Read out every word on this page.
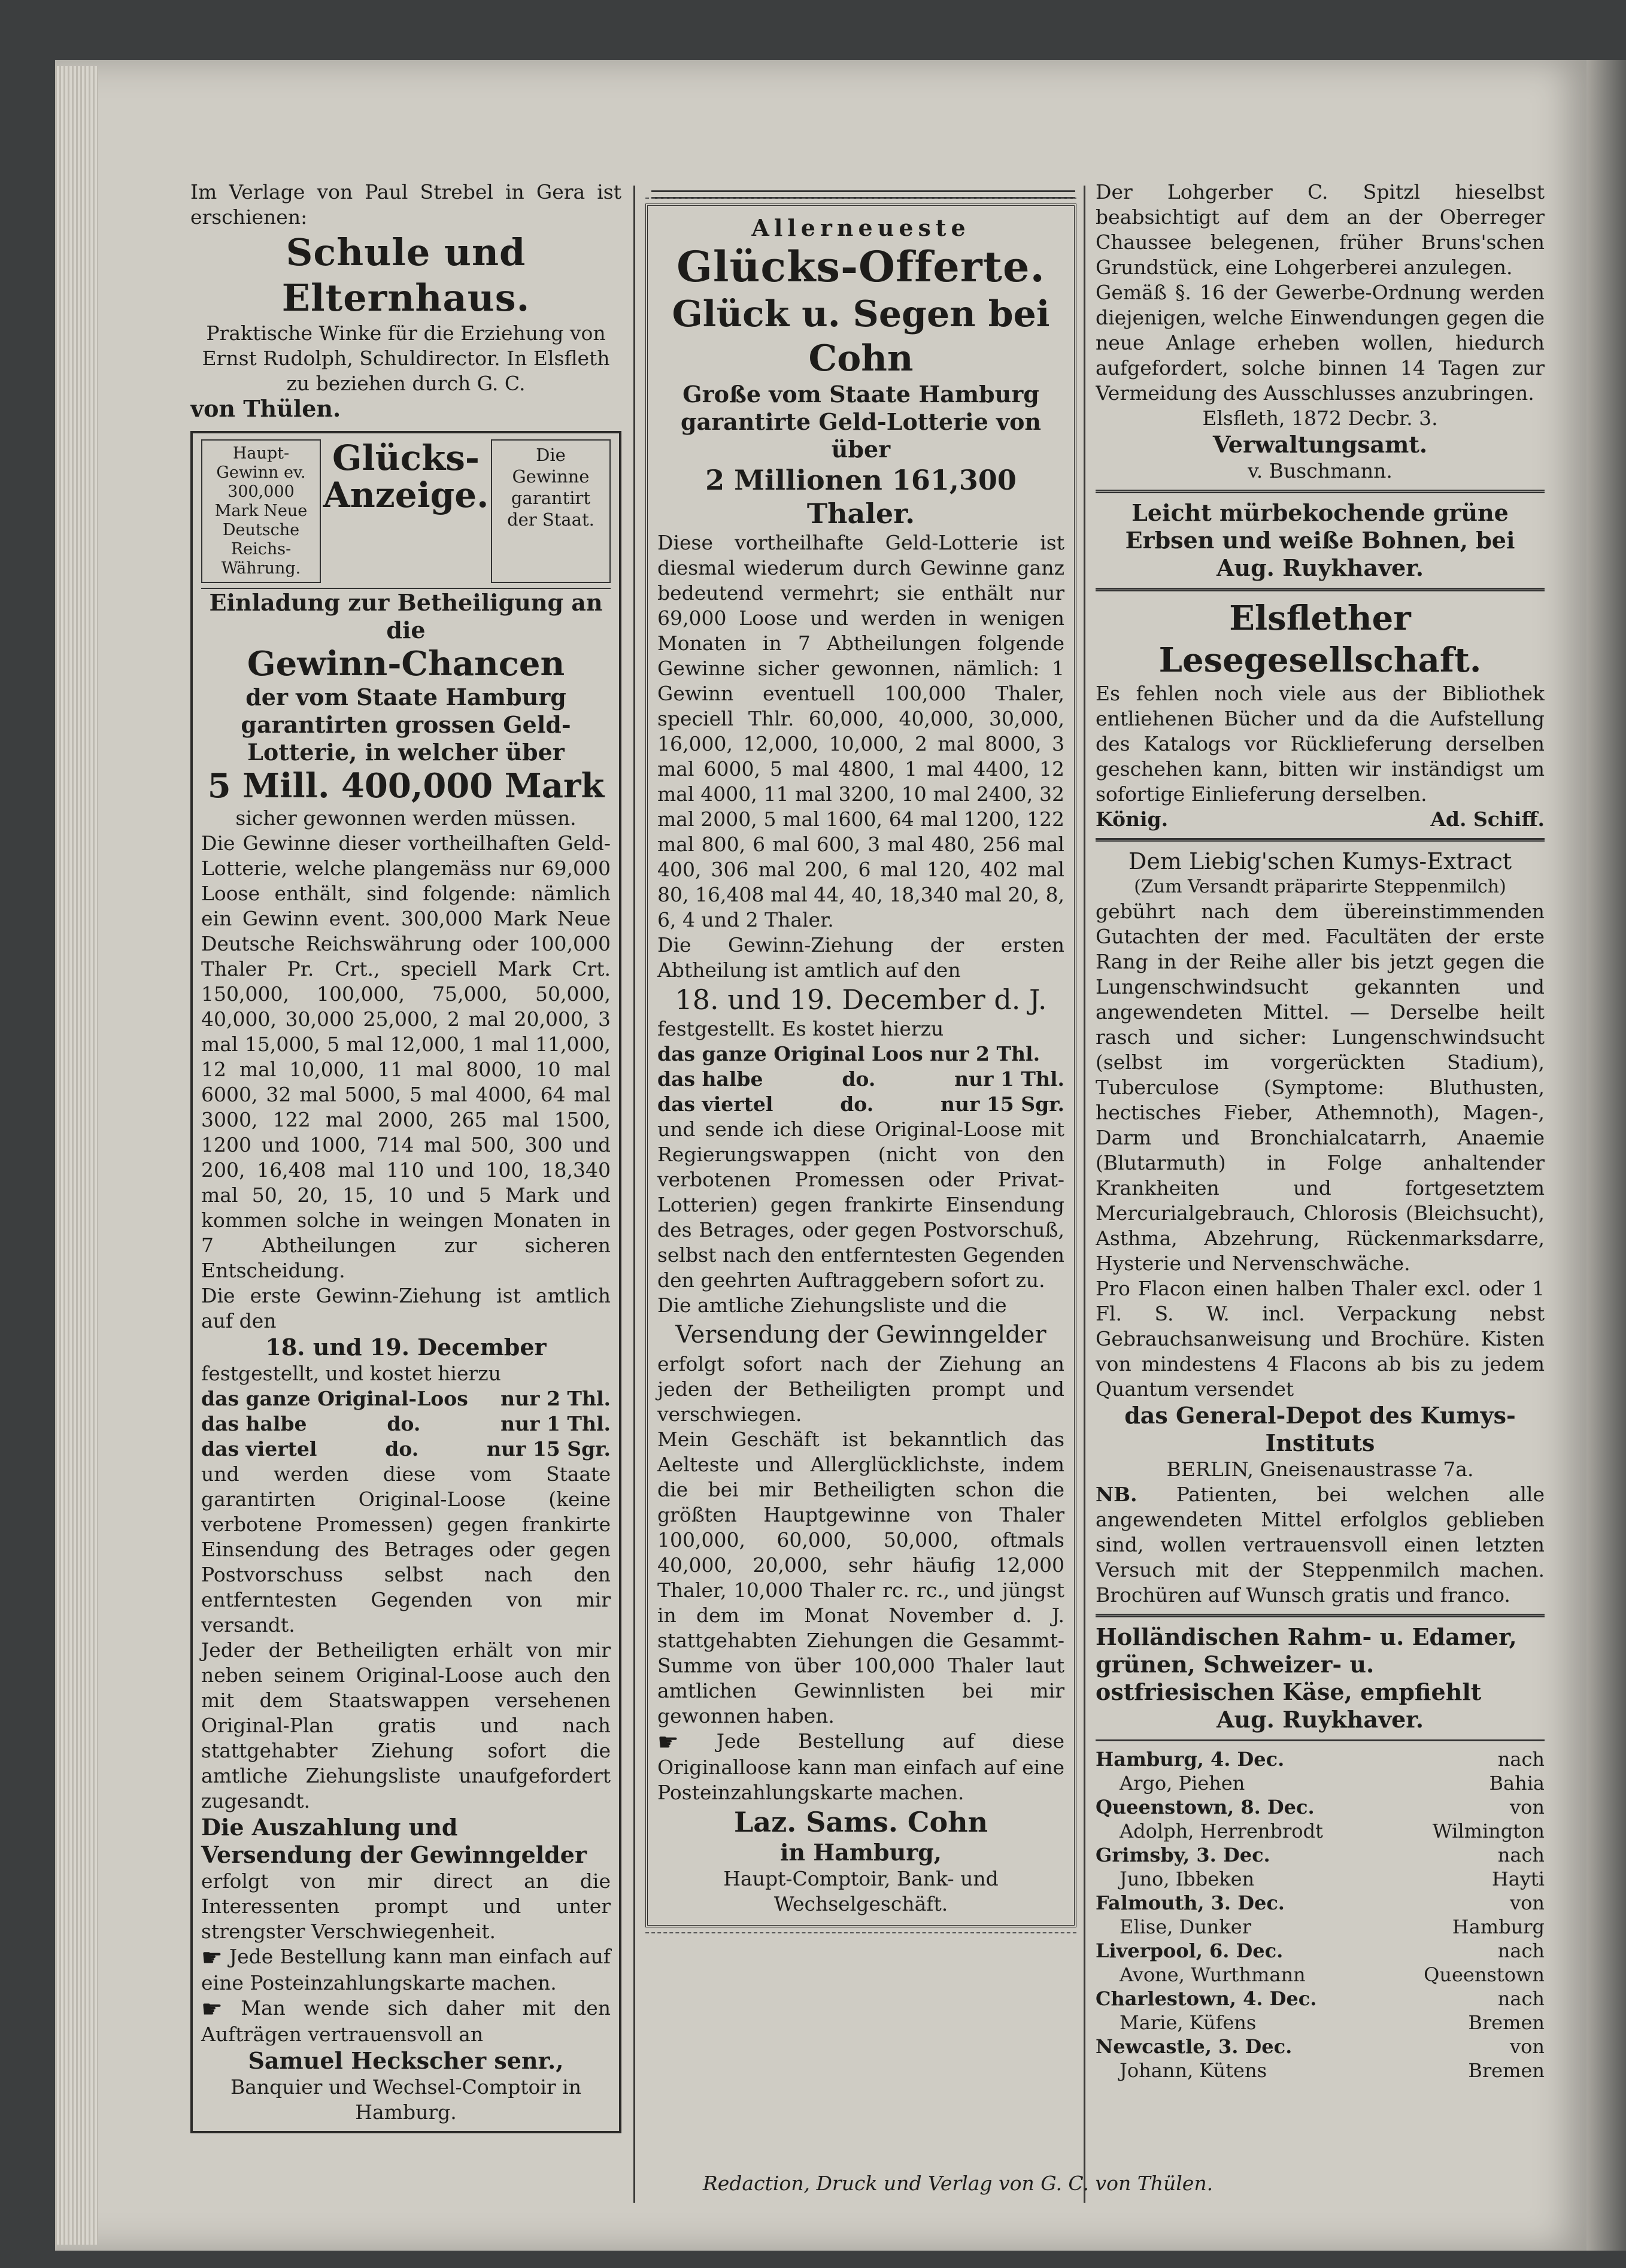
Im Verlage von Paul Strebel in Gera ist erschienen:

Schule und Elternhaus.

Praktische Winke für die Erziehung von Ernst Rudolph, Schuldirector. In Elsfleth zu beziehen durch G. C.

von Thülen.

Haupt-Gewinn ev. 300,000 Mark Neue Deutsche Reichs-Währung.
Glücks-Anzeige.
Die Gewinne garantirt der Staat.
Einladung zur Betheiligung an die
Gewinn-Chancen
der vom Staate Hamburg garantirten grossen Geld-Lotterie, in welcher über
5 Mill. 400,000 Mark

sicher gewonnen werden müssen.

Die Gewinne dieser vortheilhaften Geld-Lotterie, welche plangemäss nur 69,000 Loose enthält, sind folgende: nämlich ein Gewinn event. 300,000 Mark Neue Deutsche Reichswährung oder 100,000 Thaler Pr. Crt., speciell Mark Crt. 150,000, 100,000, 75,000, 50,000, 40,000, 30,000 25,000, 2 mal 20,000, 3 mal 15,000, 5 mal 12,000, 1 mal 11,000, 12 mal 10,000, 11 mal 8000, 10 mal 6000, 32 mal 5000, 5 mal 4000, 64 mal 3000, 122 mal 2000, 265 mal 1500, 1200 und 1000, 714 mal 500, 300 und 200, 16,408 mal 110 und 100, 18,340 mal 50, 20, 15, 10 und 5 Mark und kommen solche in weingen Monaten in 7 Abtheilungen zur sicheren Entscheidung.

Die erste Gewinn-Ziehung ist amtlich auf den

18. und 19. December

festgestellt, und kostet hierzu

das ganze Original-Loos nur 2 Thl.
das halbe	do.	nur 1 Thl.
das viertel	do.	nur 15 Sgr.

und werden diese vom Staate garantirten Original-Loose (keine verbotene Promessen) gegen frankirte Einsendung des Betrages oder gegen Postvorschuss selbst nach den entferntesten Gegenden von mir versandt.

Jeder der Betheiligten erhält von mir neben seinem Original-Loose auch den mit dem Staatswappen versehenen Original-Plan gratis und nach stattgehabter Ziehung sofort die amtliche Ziehungsliste unaufgefordert zugesandt.

Die Auszahlung und Versendung der Gewinngelder

erfolgt von mir direct an die Interessenten prompt und unter strengster Verschwiegenheit.

☛ Jede Bestellung kann man einfach auf eine Posteinzahlungskarte machen.

☛ Man wende sich daher mit den Aufträgen vertrauensvoll an

Samuel Heckscher senr.,

Banquier und Wechsel-Comptoir in Hamburg.

Allerneueste
Glücks-Offerte.
Glück u. Segen bei Cohn
Große vom Staate Hamburg garantirte Geld-Lotterie von
über
2 Millionen 161,300 Thaler.

Diese vortheilhafte Geld-Lotterie ist diesmal wiederum durch Gewinne ganz bedeutend vermehrt; sie enthält nur 69,000 Loose und werden in wenigen Monaten in 7 Abtheilungen folgende Gewinne sicher gewonnen, nämlich: 1 Gewinn eventuell 100,000 Thaler, speciell Thlr. 60,000, 40,000, 30,000, 16,000, 12,000, 10,000, 2 mal 8000, 3 mal 6000, 5 mal 4800, 1 mal 4400, 12 mal 4000, 11 mal 3200, 10 mal 2400, 32 mal 2000, 5 mal 1600, 64 mal 1200, 122 mal 800, 6 mal 600, 3 mal 480, 256 mal 400, 306 mal 200, 6 mal 120, 402 mal 80, 16,408 mal 44, 40, 18,340 mal 20, 8, 6, 4 und 2 Thaler.

Die Gewinn-Ziehung der ersten Abtheilung ist amtlich auf den

18. und 19. December d. J.

festgestellt. Es kostet hierzu

das ganze Original Loos nur 2 Thl.
das halbe	do.	nur 1 Thl.
das viertel	do.	nur 15 Sgr.

und sende ich diese Original-Loose mit Regierungswappen (nicht von den verbotenen Promessen oder Privat-Lotterien) gegen frankirte Einsendung des Betrages, oder gegen Postvorschuß, selbst nach den entferntesten Gegenden den geehrten Auftraggebern sofort zu.

Die amtliche Ziehungsliste und die

Versendung der Gewinngelder

erfolgt sofort nach der Ziehung an jeden der Betheiligten prompt und verschwiegen.

Mein Geschäft ist bekanntlich das Aelteste und Allerglücklichste, indem die bei mir Betheiligten schon die größten Hauptgewinne von Thaler 100,000, 60,000, 50,000, oftmals 40,000, 20,000, sehr häufig 12,000 Thaler, 10,000 Thaler rc. rc., und jüngst in dem im Monat November d. J. stattgehabten Ziehungen die Gesammt-Summe von über 100,000 Thaler laut amtlichen Gewinnlisten bei mir gewonnen haben.

☛ Jede Bestellung auf diese Originalloose kann man einfach auf eine Posteinzahlungskarte machen.

Laz. Sams. Cohn
in Hamburg,

Haupt-Comptoir, Bank- und Wechselgeschäft.

Der Lohgerber C. Spitzl hieselbst beabsichtigt auf dem an der Oberreger Chaussee belegenen, früher Bruns'schen Grundstück, eine Lohgerberei anzulegen.

Gemäß §. 16 der Gewerbe-Ordnung werden diejenigen, welche Einwendungen gegen die neue Anlage erheben wollen, hiedurch aufgefordert, solche binnen 14 Tagen zur Vermeidung des Ausschlusses anzubringen.

Elsfleth, 1872 Decbr. 3.

Verwaltungsamt.

v. Buschmann.

Leicht mürbekochende grüne Erbsen und weiße Bohnen, bei
Aug. Ruykhaver.
Elsflether Lesegesellschaft.

Es fehlen noch viele aus der Bibliothek entliehenen Bücher und da die Aufstellung des Katalogs vor Rücklieferung derselben geschehen kann, bitten wir inständigst um sofortige Einlieferung derselben.

König.	Ad. Schiff.
Dem Liebig'schen Kumys-Extract

(Zum Versandt präparirte Steppenmilch)

gebührt nach dem übereinstimmenden Gutachten der med. Facultäten der erste Rang in der Reihe aller bis jetzt gegen die Lungenschwindsucht gekannten und angewendeten Mittel. — Derselbe heilt rasch und sicher: Lungenschwindsucht (selbst im vorgerückten Stadium), Tuberculose (Symptome: Bluthusten, hectisches Fieber, Athemnoth), Magen-, Darm und Bronchialcatarrh, Anaemie (Blutarmuth) in Folge anhaltender Krankheiten und fortgesetztem Mercurialgebrauch, Chlorosis (Bleichsucht), Asthma, Abzehrung, Rückenmarksdarre, Hysterie und Nervenschwäche.

Pro Flacon einen halben Thaler excl. oder 1 Fl. S. W. incl. Verpackung nebst Gebrauchsanweisung und Brochüre. Kisten von mindestens 4 Flacons ab bis zu jedem Quantum versendet

das General-Depot des Kumys-Instituts

BERLIN, Gneisenaustrasse 7a.

NB. Patienten, bei welchen alle angewendeten Mittel erfolglos geblieben sind, wollen vertrauensvoll einen letzten Versuch mit der Steppenmilch machen. Brochüren auf Wunsch gratis und franco.

Holländischen Rahm- u. Edamer, grünen, Schweizer- u. ostfriesischen Käse, empfiehlt
Aug. Ruykhaver.
Hamburg, 4. Dec.	nach
Argo, Piehen	Bahia
Queenstown, 8. Dec.	von
Adolph, Herrenbrodt	Wilmington
Grimsby, 3. Dec.	nach
Juno, Ibbeken	Hayti
Falmouth, 3. Dec.	von
Elise, Dunker	Hamburg
Liverpool, 6. Dec.	nach
Avone, Wurthmann	Queenstown
Charlestown, 4. Dec.	nach
Marie, Küfens	Bremen
Newcastle, 3. Dec.	von
Johann, Kütens	Bremen
Redaction, Druck und Verlag von G. C. von Thülen.
